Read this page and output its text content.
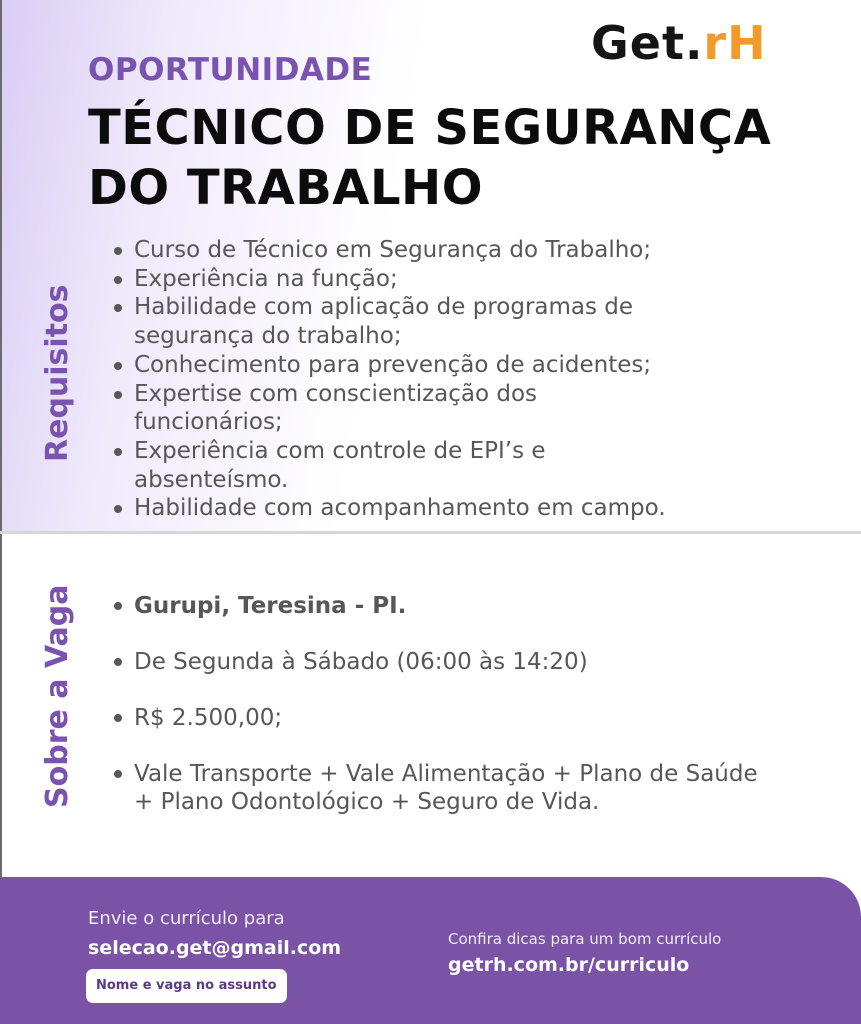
Get.rH
OPORTUNIDADE
TÉCNICO DE SEGURANÇA
DO TRABALHO
Requisitos
Curso de Técnico em Segurança do Trabalho;
Experiência na função;
Habilidade com aplicação de programas de segurança do trabalho;
Conhecimento para prevenção de acidentes;
Expertise com conscientização dos funcionários;
Experiência com controle de EPI’s e absenteísmo.
Habilidade com acompanhamento em campo.
Sobre a Vaga	Gurupi, Teresina - PI.
De Segunda à Sábado (06:00 às 14:20)
R$ 2.500,00;
Vale Transporte + Vale Alimentação + Plano de Saúde + Plano Odontológico + Seguro de Vida.
Envie o currículo para
selecao.get@gmail.com
Nome e vaga no assunto
Confira dicas para um bom currículo
getrh.com.br/curriculo
